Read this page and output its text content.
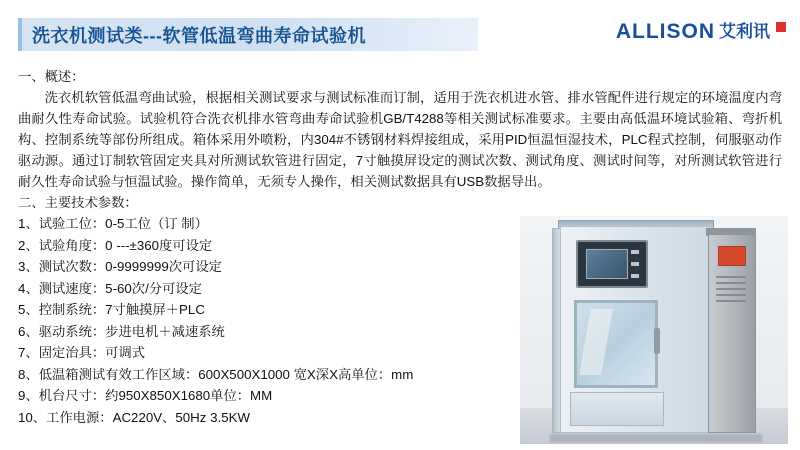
洗衣机测试类---软管低温弯曲寿命试验机	ALLISON 艾利讯

一、概述：

洗衣机软管低温弯曲试验，根据相关测试要求与测试标准而订制，适用于洗衣机进水管、排水管配件进行规定的环境温度内弯曲耐久性寿命试验。试验机符合洗衣机排水管弯曲寿命试验机GB/T4288等相关测试标准要求。主要由高低温环境试验箱、弯折机构、控制系统等部份所组成。箱体采用外喷粉，内304#不锈钢材料焊接组成，采用PID恒温恒湿技术，PLC程式控制，伺服驱动作驱动源。通过订制软管固定夹具对所测试软管进行固定，7寸触摸屏设定的测试次数、测试角度、测试时间等，对所测试软管进行耐久性寿命试验与恒温试验。操作简单，无须专人操作，相关测试数据具有USB数据导出。

二、主要技术参数：

1、试验工位：0-5工位（订 制）
2、试验角度：0 ---±360度可设定
3、测试次数：0-9999999次可设定
4、测试速度：5-60次/分可设定
5、控制系统：7寸触摸屏＋PLC
6、驱动系统：步进电机＋减速系统
7、固定治具：可调式
8、低温箱测试有效工作区域：600X500X1000 宽X深X高单位：mm
9、机台尺寸：约950X850X1680单位：MM
10、工作电源：AC220V、50Hz 3.5KW
